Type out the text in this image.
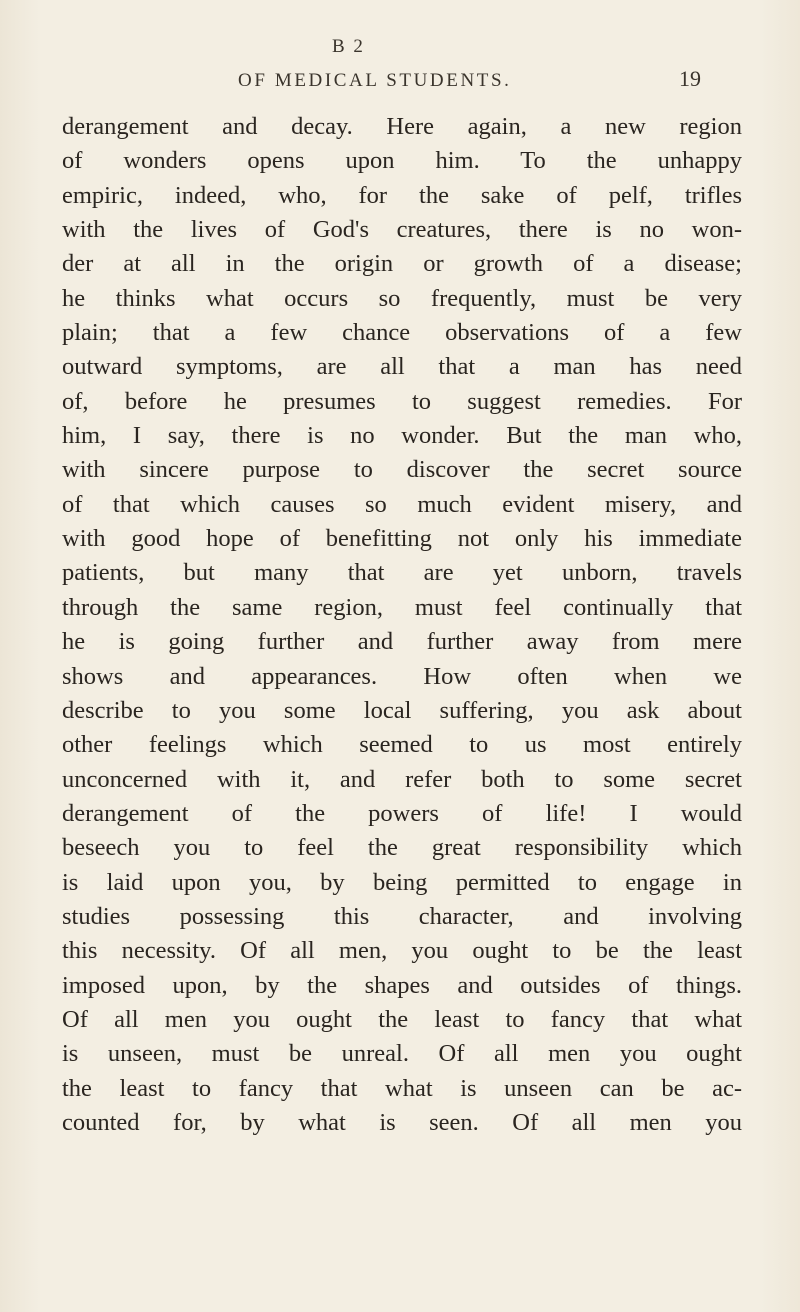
OF MEDICAL STUDENTS.	19
derangement and decay. Here again, a new region
of wonders opens upon him. To the unhappy
empiric, indeed, who, for the sake of pelf, trifles
with the lives of God's creatures, there is no won-
der at all in the origin or growth of a disease;
he thinks what occurs so frequently, must be very
plain; that a few chance observations of a few
outward symptoms, are all that a man has need
of, before he presumes to suggest remedies. For
him, I say, there is no wonder. But the man who,
with sincere purpose to discover the secret source
of that which causes so much evident misery, and
with good hope of benefitting not only his immediate
patients, but many that are yet unborn, travels
through the same region, must feel continually that
he is going further and further away from mere
shows and appearances. How often when we
describe to you some local suffering, you ask about
other feelings which seemed to us most entirely
unconcerned with it, and refer both to some secret
derangement of the powers of life! I would
beseech you to feel the great responsibility which
is laid upon you, by being permitted to engage in
studies possessing this character, and involving
this necessity. Of all men, you ought to be the least
imposed upon, by the shapes and outsides of things.
Of all men you ought the least to fancy that what
is unseen, must be unreal. Of all men you ought
the least to fancy that what is unseen can be ac-
counted for, by what is seen. Of all men you
B 2
